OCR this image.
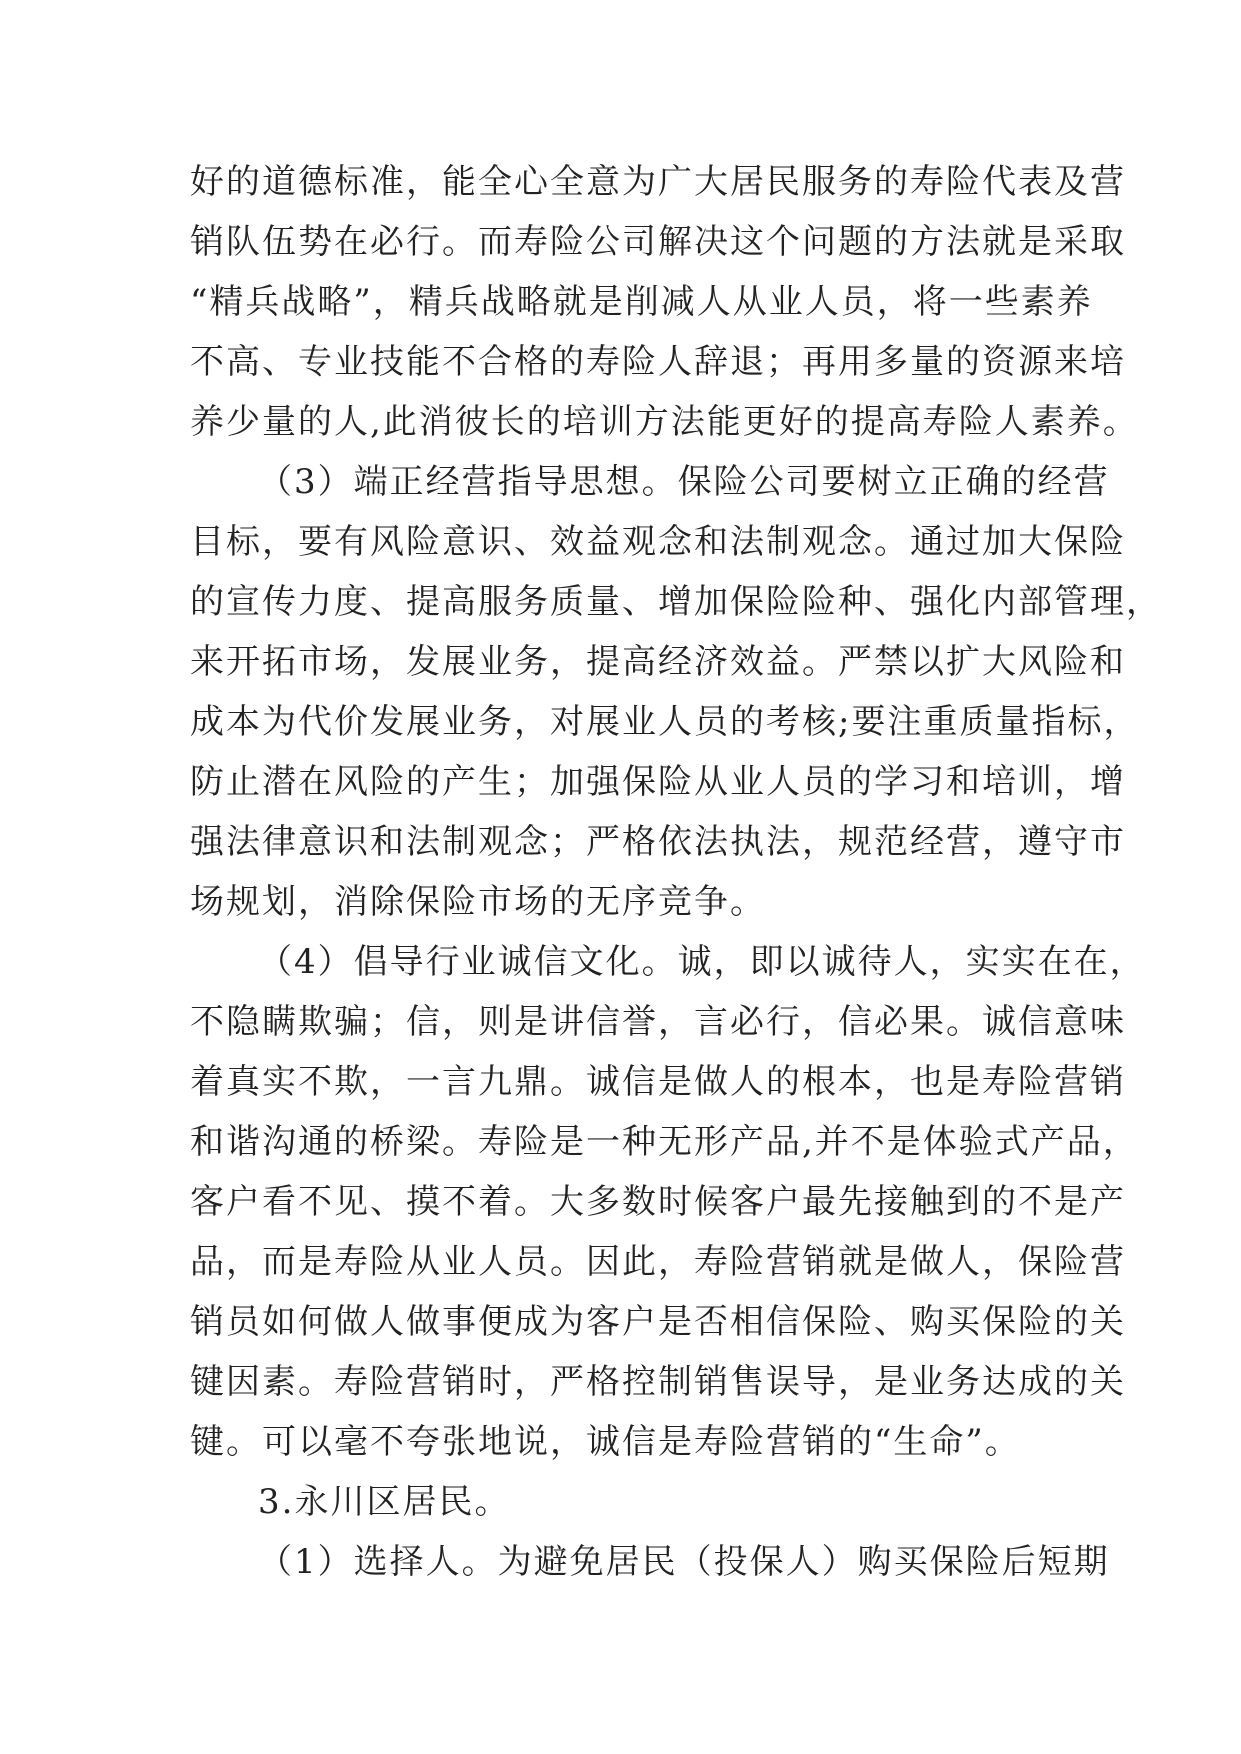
好的道德标准，能全心全意为广大居民服务的寿险代表及营
销队伍势在必行。而寿险公司解决这个问题的方法就是采取
“精兵战略”，精兵战略就是削减人从业人员，将一些素养
不高、专业技能不合格的寿险人辞退；再用多量的资源来培
养少量的人,此消彼长的培训方法能更好的提高寿险人素养。
（3）端正经营指导思想。保险公司要树立正确的经营
目标，要有风险意识、效益观念和法制观念。通过加大保险
的宣传力度、提高服务质量、增加保险险种、强化内部管理，
来开拓市场，发展业务，提高经济效益。严禁以扩大风险和
成本为代价发展业务，对展业人员的考核;要注重质量指标，
防止潜在风险的产生；加强保险从业人员的学习和培训，增
强法律意识和法制观念；严格依法执法，规范经营，遵守市
场规划，消除保险市场的无序竞争。
（4）倡导行业诚信文化。诚，即以诚待人，实实在在，
不隐瞒欺骗；信，则是讲信誉，言必行，信必果。诚信意味
着真实不欺，一言九鼎。诚信是做人的根本，也是寿险营销
和谐沟通的桥梁。寿险是一种无形产品,并不是体验式产品，
客户看不见、摸不着。大多数时候客户最先接触到的不是产
品，而是寿险从业人员。因此，寿险营销就是做人，保险营
销员如何做人做事便成为客户是否相信保险、购买保险的关
键因素。寿险营销时，严格控制销售误导，是业务达成的关
键。可以毫不夸张地说，诚信是寿险营销的“生命”。
3.永川区居民。
（1）选择人。为避免居民（投保人）购买保险后短期
